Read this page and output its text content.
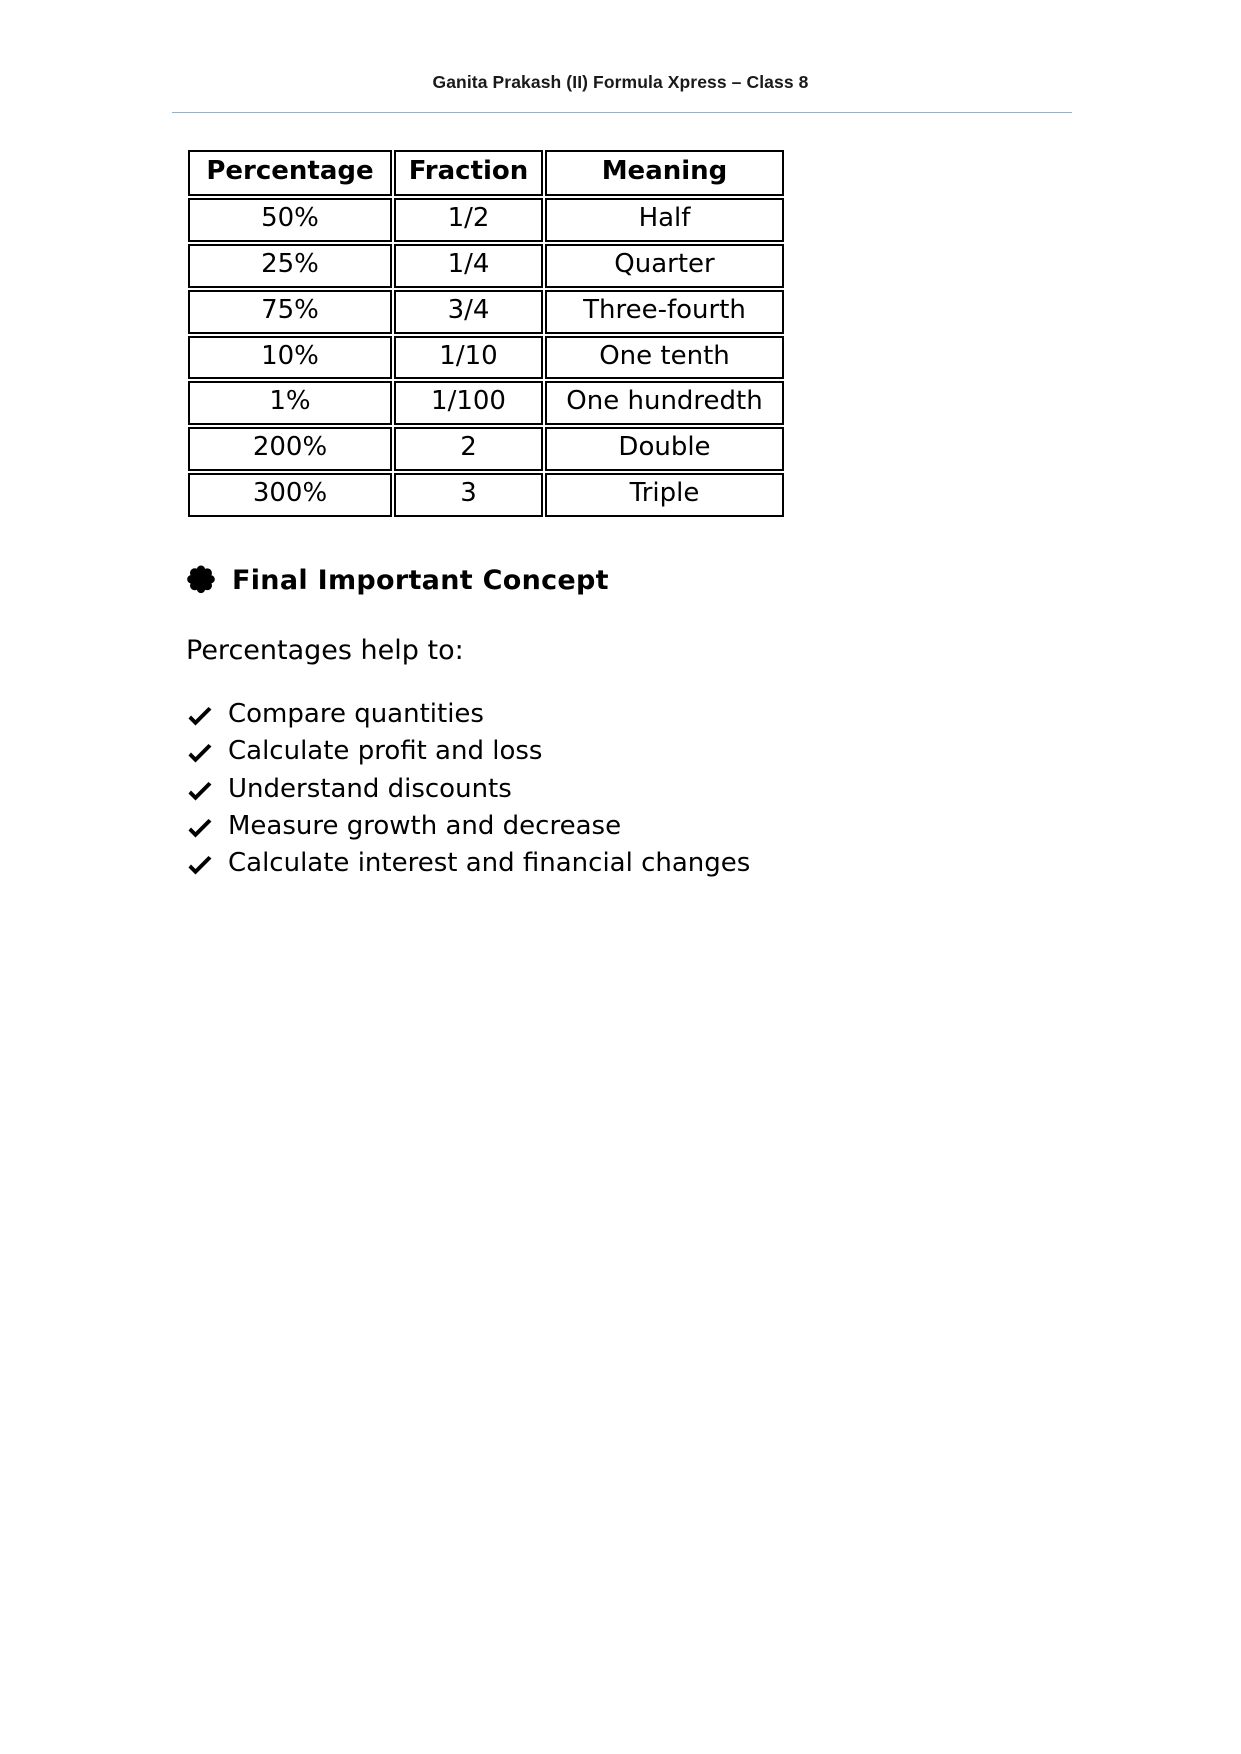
Ganita Prakash (II) Formula Xpress – Class 8
Percentage	Fraction	Meaning
50%	1/2	Half
25%	1/4	Quarter
75%	3/4	Three-fourth
10%	1/10	One tenth
1%	1/100	One hundredth
200%	2	Double
300%	3	Triple
Final Important Concept
Percentages help to:
Compare quantities
Calculate profit and loss
Understand discounts
Measure growth and decrease
Calculate interest and financial changes
